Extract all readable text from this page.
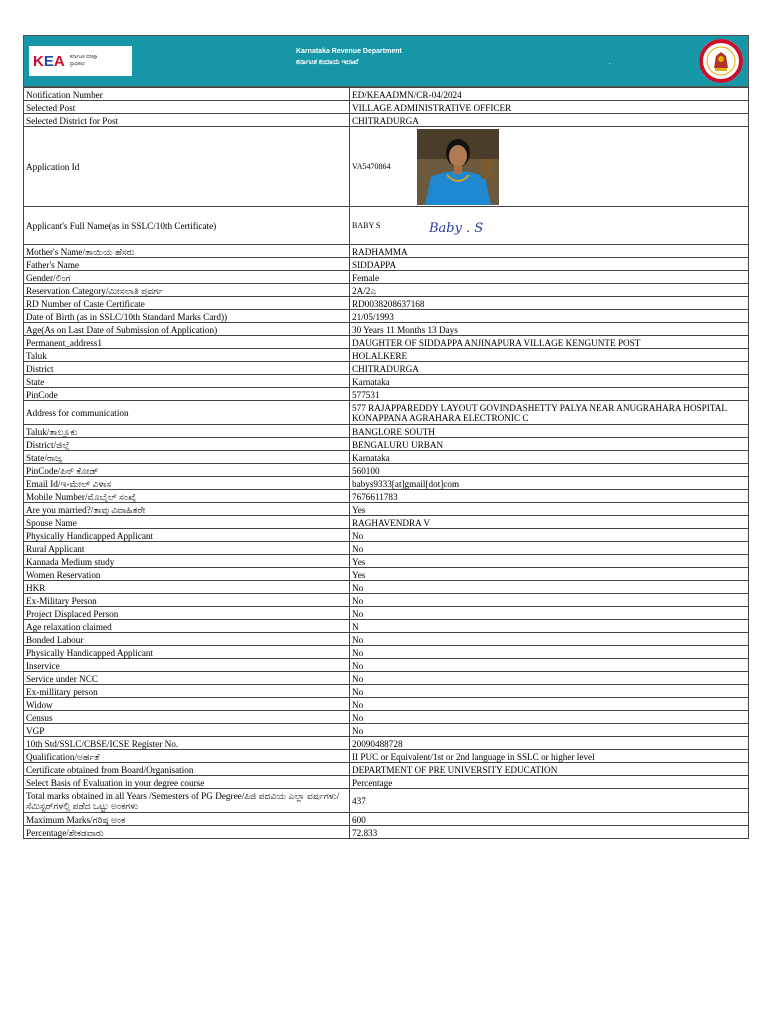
KEA ಕರ್ನಾಟಕ ಪರೀಕ್ಷಾ
ಪ್ರಾಧಿಕಾರ
Karnataka Revenue Department
ಕರ್ನಾಟಕ ಕಂದಾಯ ಇಲಾಖೆ	.
Notification Number	ED/KEAADMN/CR-04/2024
Selected Post	VILLAGE ADMINISTRATIVE OFFICER
Selected District for Post	CHITRADURGA
Application Id	VA5470864
Applicant's Full Name(as in SSLC/10th Certificate)	BABY S Baby . S

Mother's Name/ತಾಯಿಯ ಹೆಸರು	RADHAMMA
Father's Name	SIDDAPPA
Gender/ಲಿಂಗ	Female
Reservation Category/ಮೀಸಲಾತಿ ಪ್ರವರ್ಗ	2A/2ಎ
RD Number of Caste Certificate	RD0038208637168
Date of Birth (as in SSLC/10th Standard Marks Card))	21/05/1993
Age(As on Last Date of Submission of Application)	30 Years 11 Months 13 Days
Permanent_address1	DAUGHTER OF SIDDAPPA ANJINAPURA VILLAGE KENGUNTE POST
Taluk	HOLALKERE
District	CHITRADURGA
State	Karnataka
PinCode	577531
Address for communication	577 RAJAPPAREDDY LAYOUT GOVINDASHETTY PALYA NEAR ANUGRAHARA HOSPITAL KONAPPANA AGRAHARA ELECTRONIC C
Taluk/ತಾಲ್ಲೂಕು	BANGLORE SOUTH
District/ಜಿಲ್ಲೆ	BENGALURU URBAN
State/ರಾಜ್ಯ	Karnataka
PinCode/ಪಿನ್ ಕೋಡ್	560100
Email Id/ಇ-ಮೇಲ್ ವಿಳಾಸ	babys9333[at]gmail[dot]com
Mobile Number/ಮೊಬೈಲ್ ಸಂಖ್ಯೆ	7676611783
Are you married?/ತಾವು ವಿವಾಹಿತರೇ	Yes
Spouse Name	RAGHAVENDRA V
Physically Handicapped Applicant	No
Rural Applicant	No
Kannada Medium study	Yes
Women Reservation	Yes
HKR	No
Ex-Military Person	No
Project Displaced Person	No
Age relaxation claimed	N
Bonded Labour	No
Physically Handicapped Applicant	No
Inservice	No
Service under NCC	No
Ex-millitary person	No
Widow	No
Census	No
VGP	No
10th Std/SSLC/CBSE/ICSE Register No.	20090488728
Qualification/ಅರ್ಹತೆ	II PUC or Equivalent/1st or 2nd language in SSLC or higher level
Certificate obtained from Board/Organisation	DEPARTMENT OF PRE UNIVERSITY EDUCATION
Select Basis of Evaluation in your degree course	Percentage
Total marks obtained in all Years /Semesters of PG Degree/ಪಿಜಿ ಪದವಿಯ ಎಲ್ಲಾ ವರ್ಷಗಳು/ಸೆಮಿಸ್ಟರ್‌ಗಳಲ್ಲಿ ಪಡೆದ ಒಟ್ಟು ಅಂಕಗಳು	437
Maximum Marks/ಗರಿಷ್ಠ ಅಂಕ	600
Percentage/ಶೇಕಡವಾರು	72.833
